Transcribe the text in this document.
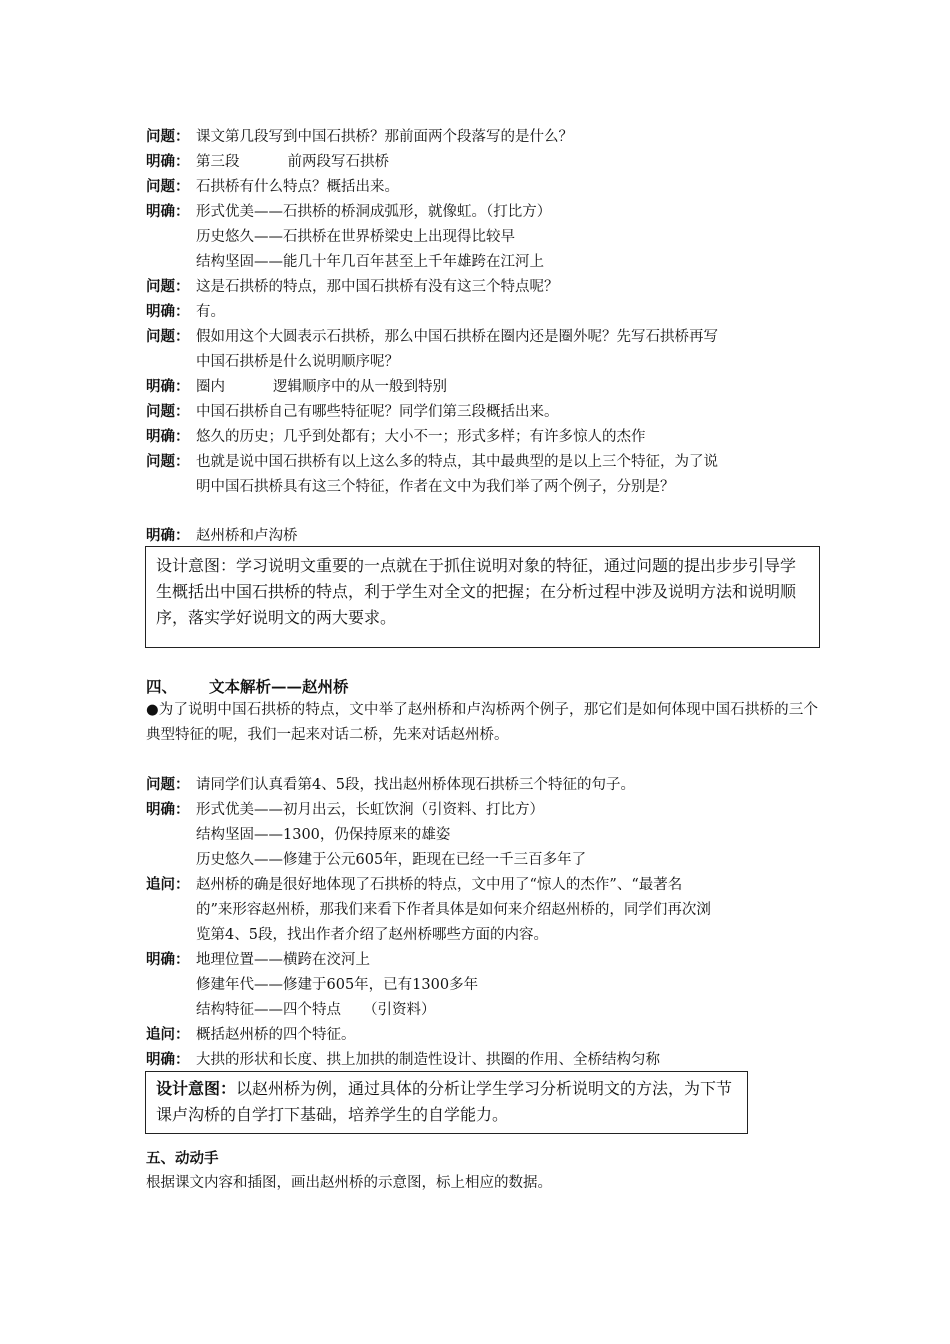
问题： 课文第几段写到中国石拱桥？那前面两个段落写的是什么？
明确： 第三段	前两段写石拱桥
问题： 石拱桥有什么特点？概括出来。
明确： 形式优美——石拱桥的桥洞成弧形，就像虹。（打比方）
历史悠久——石拱桥在世界桥梁史上出现得比较早
结构坚固——能几十年几百年甚至上千年雄跨在江河上
问题： 这是石拱桥的特点，那中国石拱桥有没有这三个特点呢？
明确： 有。
问题： 假如用这个大圆表示石拱桥，那么中国石拱桥在圈内还是圈外呢？先写石拱桥再写
中国石拱桥是什么说明顺序呢？
明确： 圈内	逻辑顺序中的从一般到特别
问题： 中国石拱桥自己有哪些特征呢？同学们第三段概括出来。
明确： 悠久的历史；几乎到处都有；大小不一；形式多样；有许多惊人的杰作
问题： 也就是说中国石拱桥有以上这么多的特点，其中最典型的是以上三个特征，为了说
明中国石拱桥具有这三个特征，作者在文中为我们举了两个例子，分别是？
明确： 赵州桥和卢沟桥
设计意图：学习说明文重要的一点就在于抓住说明对象的特征，通过问题的提出步步引导学生概括出中国石拱桥的特点，利于学生对全文的把握；在分析过程中涉及说明方法和说明顺序，落实学好说明文的两大要求。
四、 文本解析——赵州桥
●为了说明中国石拱桥的特点，文中举了赵州桥和卢沟桥两个例子，那它们是如何体现中国石拱桥的三个典型特征的呢，我们一起来对话二桥，先来对话赵州桥。
问题： 请同学们认真看第4、5段，找出赵州桥体现石拱桥三个特征的句子。
明确： 形式优美——初月出云，长虹饮涧（引资料、打比方）
结构坚固——1300，仍保持原来的雄姿
历史悠久——修建于公元605年，距现在已经一千三百多年了
追问： 赵州桥的确是很好地体现了石拱桥的特点，文中用了“惊人的杰作”、“最著名
的”来形容赵州桥，那我们来看下作者具体是如何来介绍赵州桥的，同学们再次浏
览第4、5段，找出作者介绍了赵州桥哪些方面的内容。
明确： 地理位置——横跨在洨河上
修建年代——修建于605年，已有1300多年
结构特征——四个特点 （引资料）
追问： 概括赵州桥的四个特征。
明确： 大拱的形状和长度、拱上加拱的制造性设计、拱圈的作用、全桥结构匀称
设计意图：以赵州桥为例，通过具体的分析让学生学习分析说明文的方法，为下节课卢沟桥的自学打下基础，培养学生的自学能力。
五、动动手
根据课文内容和插图，画出赵州桥的示意图，标上相应的数据。
